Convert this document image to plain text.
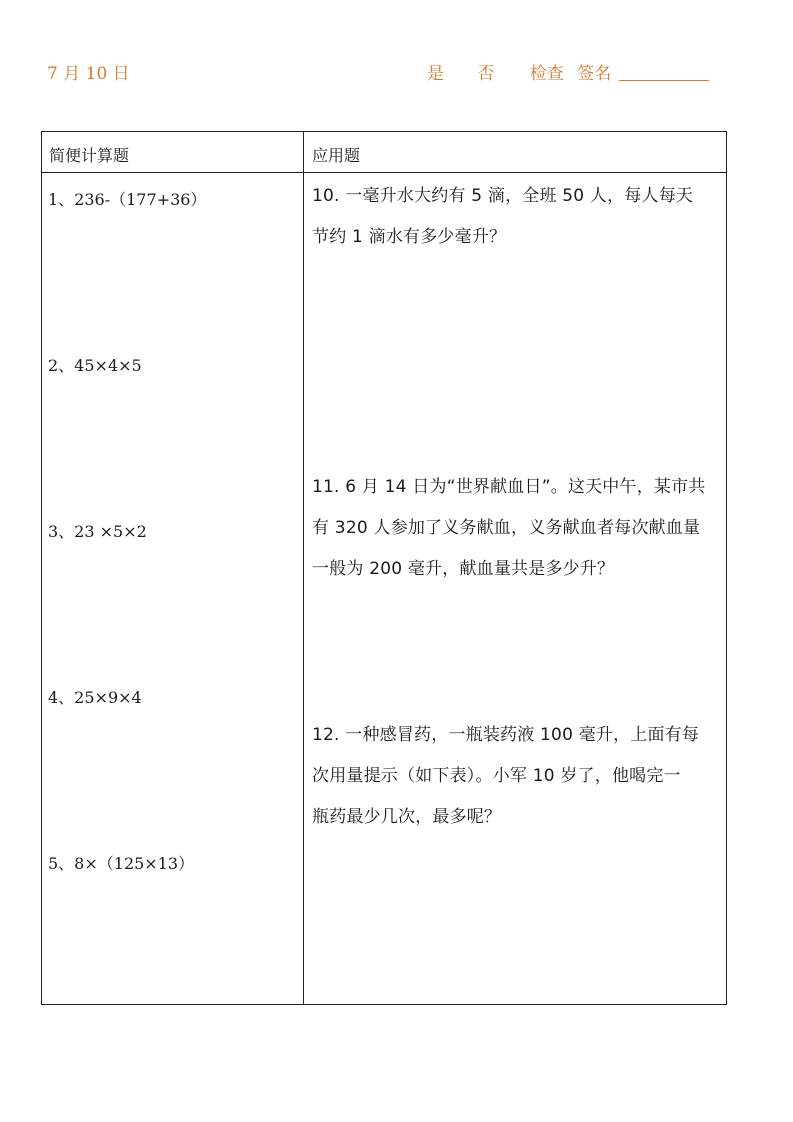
7 月 10 日	是 否 检查 签名
简便计算题	应用题
1、236-（177+36）
2、45×4×5
3、23 ×5×2
4、25×9×4
5、8×（125×13）
10. 一毫升水大约有 5 滴，全班 50 人，每人每天
节约 1 滴水有多少毫升？
11. 6 月 14 日为“世界献血日”。这天中午，某市共
有 320 人参加了义务献血，义务献血者每次献血量
一般为 200 毫升，献血量共是多少升？
12. 一种感冒药，一瓶装药液 100 毫升，上面有每
次用量提示（如下表）。小军 10 岁了，他喝完一
瓶药最少几次，最多呢？
